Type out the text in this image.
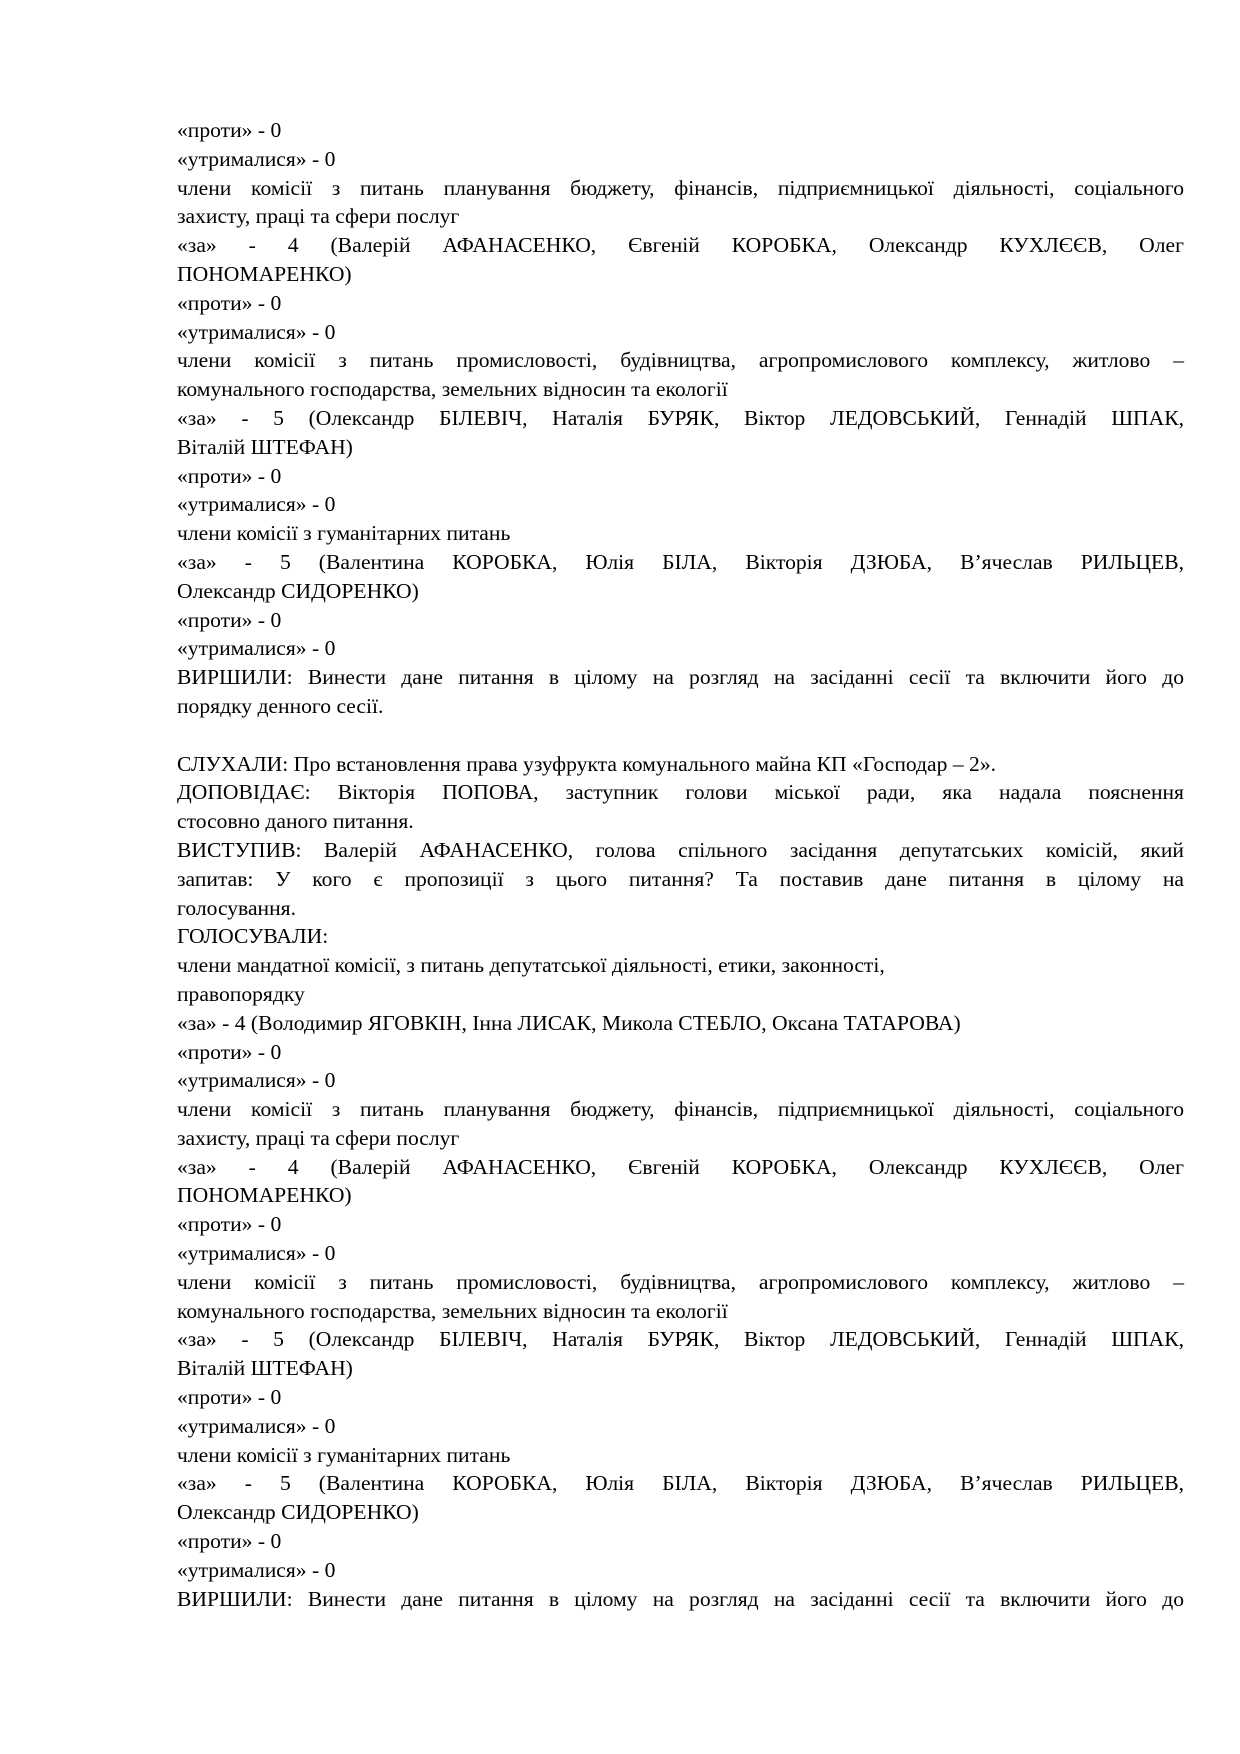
«проти» - 0
«утрималися» - 0
члени комісії з питань планування бюджету, фінансів, підприємницької діяльності, соціального
захисту, праці та сфери послуг
«за» - 4 (Валерій АФАНАСЕНКО, Євгеній КОРОБКА, Олександр КУХЛЄЄВ, Олег
ПОНОМАРЕНКО)
«проти» - 0
«утрималися» - 0
члени комісії з питань промисловості, будівництва, агропромислового комплексу, житлово –
комунального господарства, земельних відносин та екології
«за» - 5 (Олександр БІЛЕВІЧ, Наталія БУРЯК, Віктор ЛЕДОВСЬКИЙ, Геннадій ШПАК,
Віталій ШТЕФАН)
«проти» - 0
«утрималися» - 0
члени комісії з гуманітарних питань
«за» - 5 (Валентина КОРОБКА, Юлія БІЛА, Вікторія ДЗЮБА, В’ячеслав РИЛЬЦЕВ,
Олександр СИДОРЕНКО)
«проти» - 0
«утрималися» - 0
ВИРШИЛИ: Винести дане питання в цілому на розгляд на засіданні сесії та включити його до
порядку денного сесії.
СЛУХАЛИ: Про встановлення права узуфрукта комунального майна КП «Господар – 2».
ДОПОВІДАЄ: Вікторія ПОПОВА, заступник голови міської ради, яка надала пояснення
стосовно даного питання.
ВИСТУПИВ: Валерій АФАНАСЕНКО, голова спільного засідання депутатських комісій, який
запитав: У кого є пропозиції з цього питання? Та поставив дане питання в цілому на
голосування.
ГОЛОСУВАЛИ:
члени мандатної комісії, з питань депутатської діяльності, етики, законності,
правопорядку
«за» - 4 (Володимир ЯГОВКІН, Інна ЛИСАК, Микола СТЕБЛО, Оксана ТАТАРОВА)
«проти» - 0
«утрималися» - 0
члени комісії з питань планування бюджету, фінансів, підприємницької діяльності, соціального
захисту, праці та сфери послуг
«за» - 4 (Валерій АФАНАСЕНКО, Євгеній КОРОБКА, Олександр КУХЛЄЄВ, Олег
ПОНОМАРЕНКО)
«проти» - 0
«утрималися» - 0
члени комісії з питань промисловості, будівництва, агропромислового комплексу, житлово –
комунального господарства, земельних відносин та екології
«за» - 5 (Олександр БІЛЕВІЧ, Наталія БУРЯК, Віктор ЛЕДОВСЬКИЙ, Геннадій ШПАК,
Віталій ШТЕФАН)
«проти» - 0
«утрималися» - 0
члени комісії з гуманітарних питань
«за» - 5 (Валентина КОРОБКА, Юлія БІЛА, Вікторія ДЗЮБА, В’ячеслав РИЛЬЦЕВ,
Олександр СИДОРЕНКО)
«проти» - 0
«утрималися» - 0
ВИРШИЛИ: Винести дане питання в цілому на розгляд на засіданні сесії та включити його до
